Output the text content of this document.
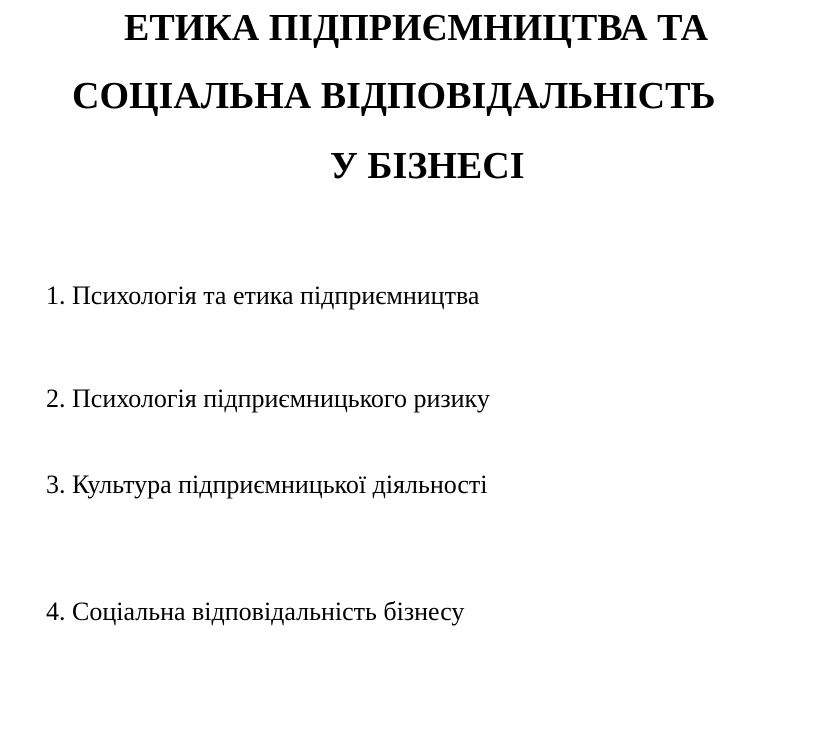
ЕТИКА ПІДПРИЄМНИЦТВА ТА
СОЦІАЛЬНА ВІДПОВІДАЛЬНІСТЬ
У БІЗНЕСІ
1. Психологія та етика підприємництва
2. Психологія підприємницького ризику
3. Культура підприємницької діяльності
4. Соціальна відповідальність бізнесу
